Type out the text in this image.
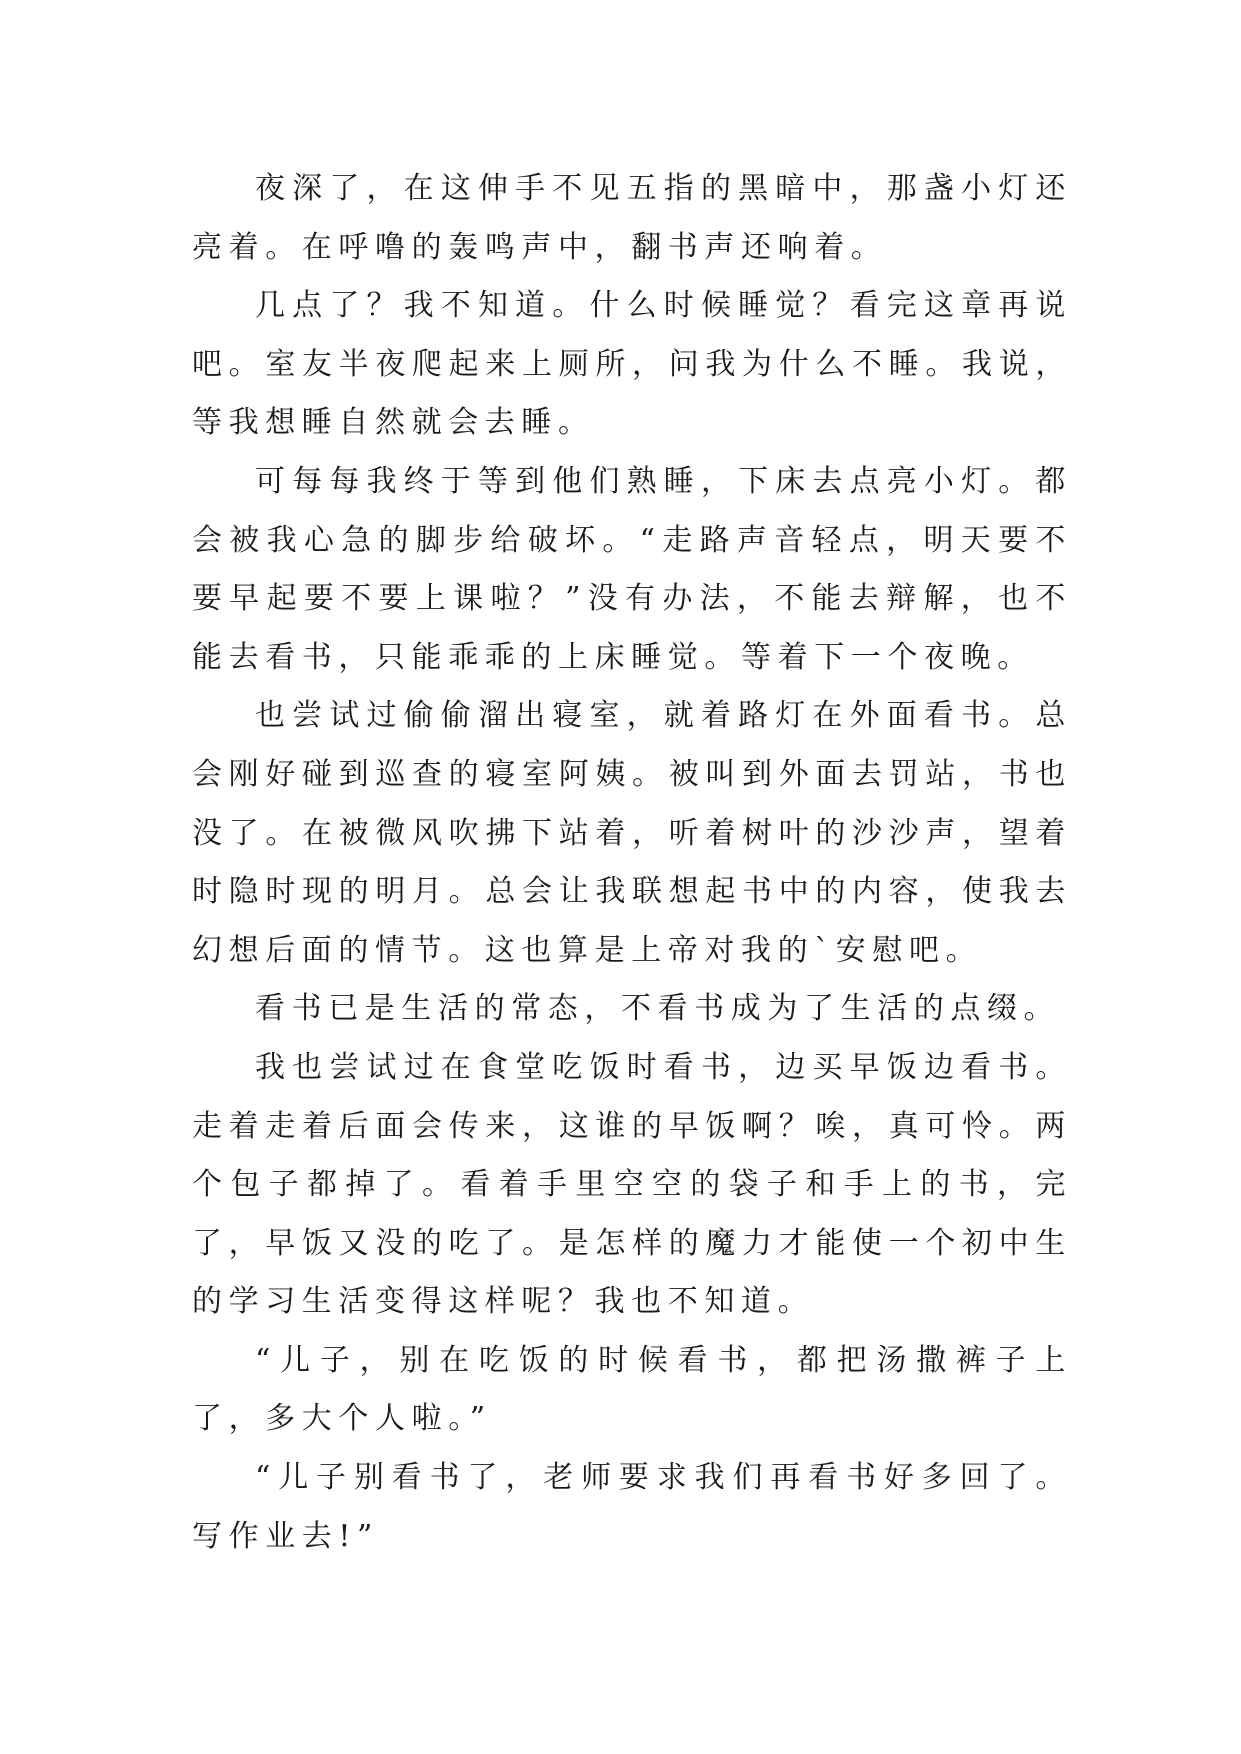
夜深了，在这伸手不见五指的黑暗中，那盏小灯还亮着。在呼噜的轰鸣声中，翻书声还响着。

几点了？我不知道。什么时候睡觉？看完这章再说吧。室友半夜爬起来上厕所，问我为什么不睡。我说，等我想睡自然就会去睡。

可每每我终于等到他们熟睡，下床去点亮小灯。都会被我心急的脚步给破坏。“走路声音轻点，明天要不要早起要不要上课啦？”没有办法，不能去辩解，也不能去看书，只能乖乖的上床睡觉。等着下一个夜晚。

也尝试过偷偷溜出寝室，就着路灯在外面看书。总会刚好碰到巡查的寝室阿姨。被叫到外面去罚站，书也没了。在被微风吹拂下站着，听着树叶的沙沙声，望着时隐时现的明月。总会让我联想起书中的内容，使我去幻想后面的情节。这也算是上帝对我的`安慰吧。

看书已是生活的常态，不看书成为了生活的点缀。

我也尝试过在食堂吃饭时看书，边买早饭边看书。走着走着后面会传来，这谁的早饭啊？唉，真可怜。两个包子都掉了。看着手里空空的袋子和手上的书，完了，早饭又没的吃了。是怎样的魔力才能使一个初中生的学习生活变得这样呢？我也不知道。

“儿子，别在吃饭的时候看书，都把汤撒裤子上了，多大个人啦。”

“儿子别看书了，老师要求我们再看书好多回了。写作业去!”
